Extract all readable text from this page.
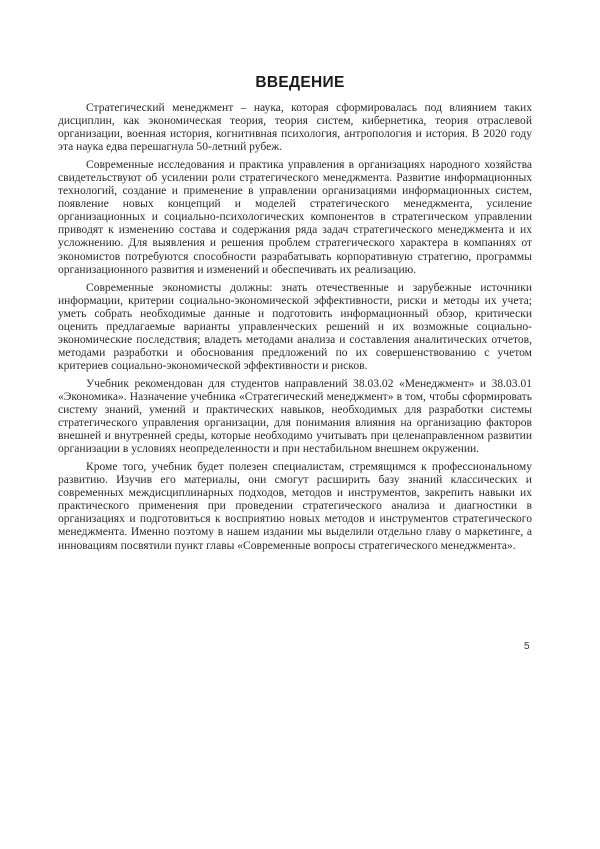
ВВЕДЕНИЕ

Стратегический менеджмент – наука, которая сформировалась под влиянием таких дисциплин, как экономическая теория, теория систем, кибернетика, теория отраслевой организации, военная история, когнитивная психология, антропология и история. В 2020 году эта наука едва перешагнула 50-летний рубеж.

Современные исследования и практика управления в организациях народного хозяйства свидетельствуют об усилении роли стратегического менеджмента. Развитие информационных технологий, создание и применение в управлении организациями информационных систем, появление новых концепций и моделей стратегического менеджмента, усиление организационных и социально-психологических компонентов в стратегическом управлении приводят к изменению состава и содержания ряда задач стратегического менеджмента и их усложнению. Для выявления и решения проблем стратегического характера в компаниях от экономистов потребуются способности разрабатывать корпоративную стратегию, программы организационного развития и изменений и обеспечивать их реализацию.

Современные экономисты должны: знать отечественные и зарубежные источники информации, критерии социально-экономической эффективности, риски и методы их учета; уметь собрать необходимые данные и подготовить информационный обзор, критически оценить предлагаемые варианты управленческих решений и их возможные социально-экономические последствия; владеть методами анализа и составления аналитических отчетов, методами разработки и обоснования предложений по их совершенствованию с учетом критериев социально-экономической эффективности и рисков.

Учебник рекомендован для студентов направлений 38.03.02 «Менеджмент» и 38.03.01 «Экономика». Назначение учебника «Стратегический менеджмент» в том, чтобы сформировать систему знаний, умений и практических навыков, необходимых для разработки системы стратегического управления организации, для понимания влияния на организацию факторов внешней и внутренней среды, которые необходимо учитывать при целенаправленном развитии организации в условиях неопределенности и при нестабильном внешнем окружении.

Кроме того, учебник будет полезен специалистам, стремящимся к профессиональному развитию. Изучив его материалы, они смогут расширить базу знаний классических и современных междисциплинарных подходов, методов и инструментов, закрепить навыки их практического применения при проведении стратегического анализа и диагностики в организациях и подготовиться к восприятию новых методов и инструментов стратегического менеджмента. Именно поэтому в нашем издании мы выделили отдельно главу о маркетинге, а инновациям посвятили пункт главы «Современные вопросы стратегического менеджмента».

5
